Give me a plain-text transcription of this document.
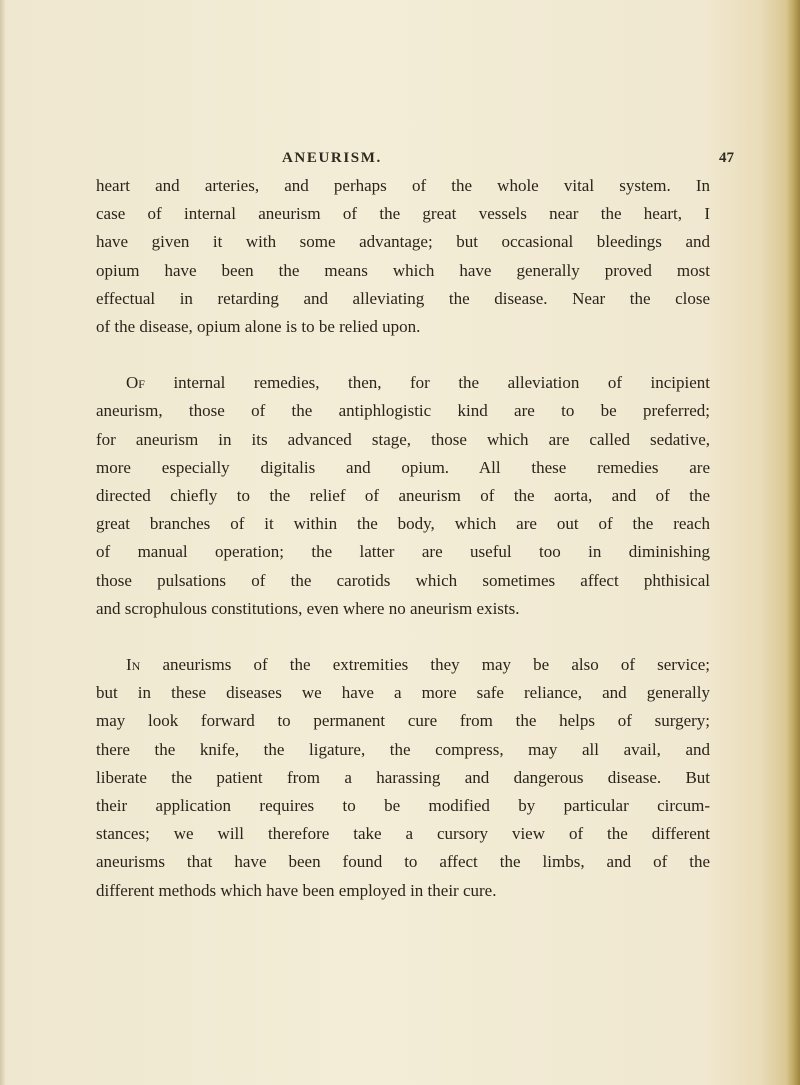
ANEURISM.	47
heart and arteries, and perhaps of the whole vital system. In
case of internal aneurism of the great vessels near the heart, I
have given it with some advantage; but occasional bleedings and
opium have been the means which have generally proved most
effectual in retarding and alleviating the disease. Near the close
of the disease, opium alone is to be relied upon.
Of internal remedies, then, for the alleviation of incipient
aneurism, those of the antiphlogistic kind are to be preferred;
for aneurism in its advanced stage, those which are called sedative,
more especially digitalis and opium. All these remedies are
directed chiefly to the relief of aneurism of the aorta, and of the
great branches of it within the body, which are out of the reach
of manual operation; the latter are useful too in diminishing
those pulsations of the carotids which sometimes affect phthisical
and scrophulous constitutions, even where no aneurism exists.
In aneurisms of the extremities they may be also of service;
but in these diseases we have a more safe reliance, and generally
may look forward to permanent cure from the helps of surgery;
there the knife, the ligature, the compress, may all avail, and
liberate the patient from a harassing and dangerous disease. But
their application requires to be modified by particular circum-
stances; we will therefore take a cursory view of the different
aneurisms that have been found to affect the limbs, and of the
different methods which have been employed in their cure.
